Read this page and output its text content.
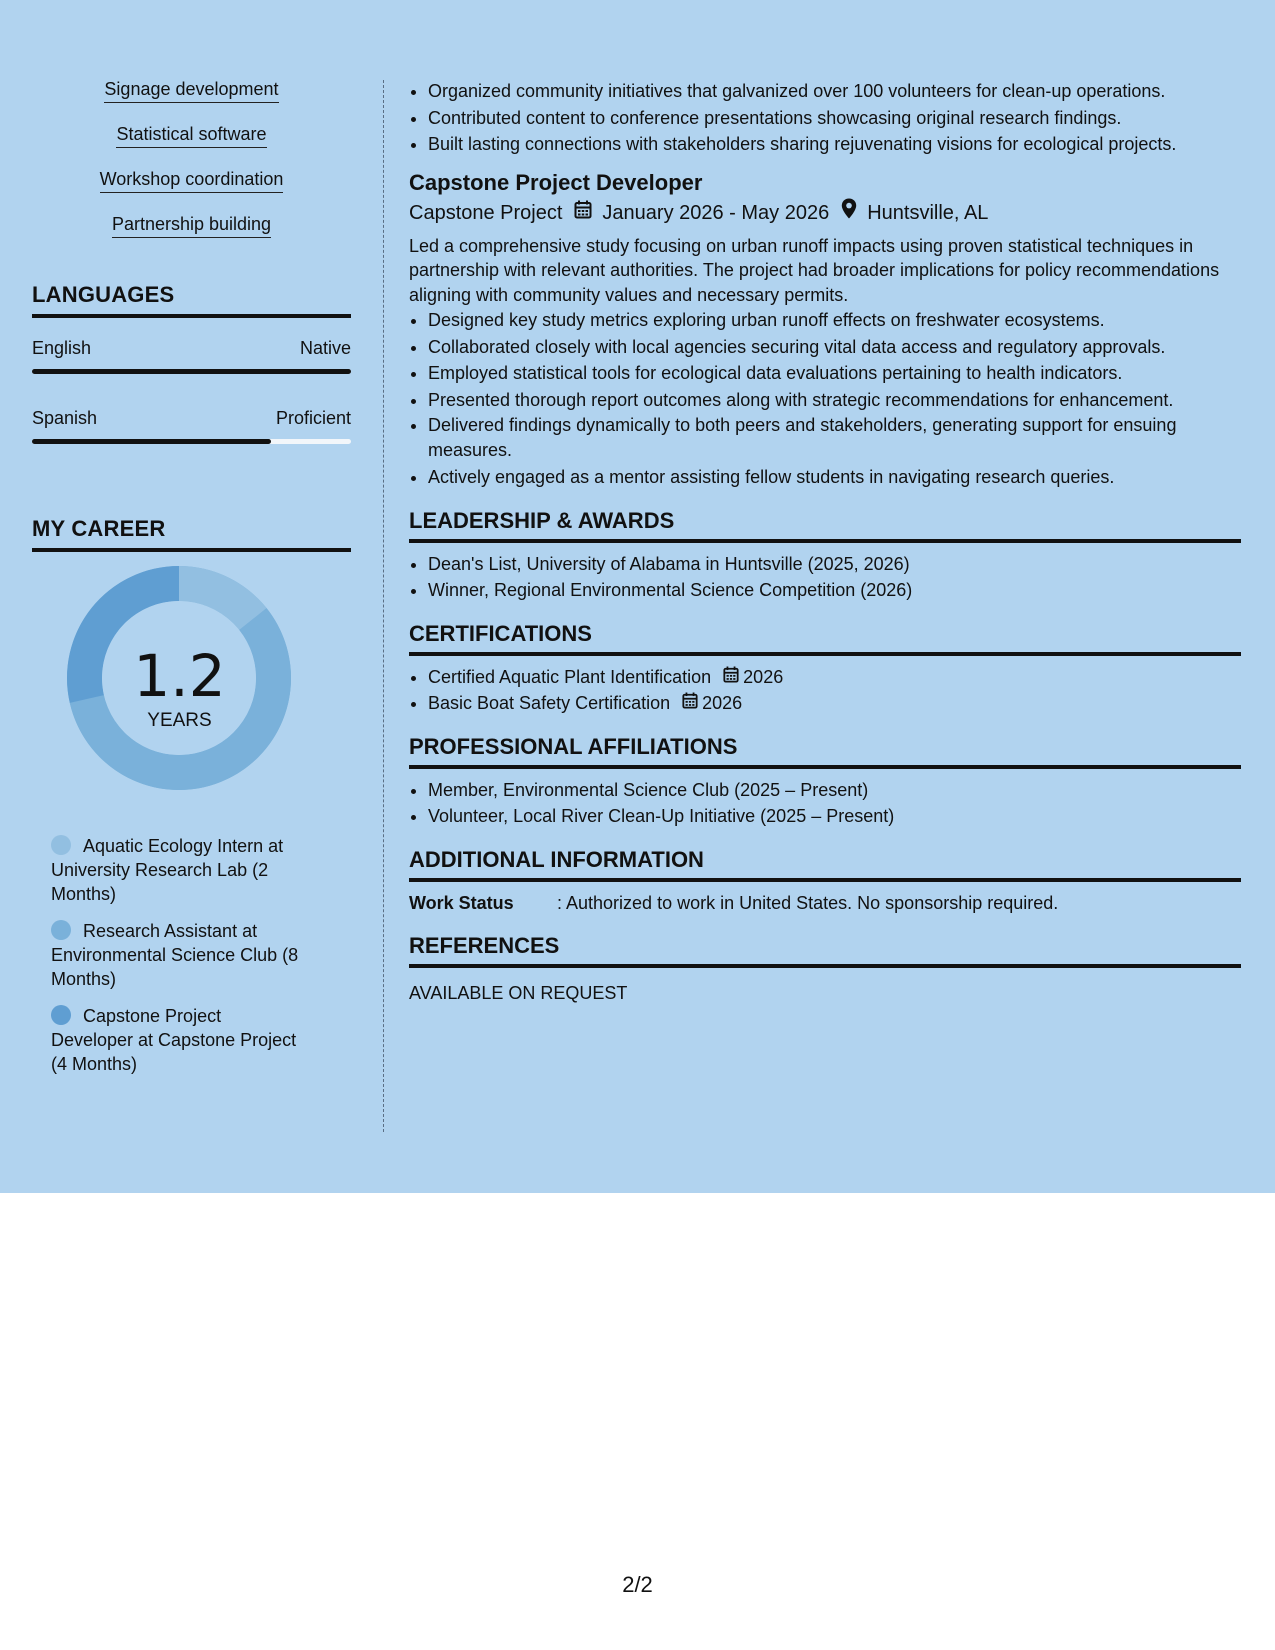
Signage development
Statistical software
Workshop coordination
Partnership building
LANGUAGES
English	Native
Spanish	Proficient
MY CAREER
1.2
YEARS
Aquatic Ecology Intern at University Research Lab (2 Months)
Research Assistant at Environmental Science Club (8 Months)
Capstone Project Developer at Capstone Project (4 Months)
• Organized community initiatives that galvanized over 100 volunteers for clean-up operations.
• Contributed content to conference presentations showcasing original research findings.
• Built lasting connections with stakeholders sharing rejuvenating visions for ecological projects.
Capstone Project Developer
Capstone Project January 2026 - May 2026 Huntsville, AL

Led a comprehensive study focusing on urban runoff impacts using proven statistical techniques in partnership with relevant authorities. The project had broader implications for policy recommendations aligning with community values and necessary permits.

• Designed key study metrics exploring urban runoff effects on freshwater ecosystems.
• Collaborated closely with local agencies securing vital data access and regulatory approvals.
• Employed statistical tools for ecological data evaluations pertaining to health indicators.
• Presented thorough report outcomes along with strategic recommendations for enhancement.
• Delivered findings dynamically to both peers and stakeholders, generating support for ensuing measures.
• Actively engaged as a mentor assisting fellow students in navigating research queries.
LEADERSHIP & AWARDS
• Dean's List, University of Alabama in Huntsville (2025, 2026)
• Winner, Regional Environmental Science Competition (2026)
CERTIFICATIONS
• Certified Aquatic Plant Identification 2026
• Basic Boat Safety Certification 2026
PROFESSIONAL AFFILIATIONS
• Member, Environmental Science Club (2025 – Present)
• Volunteer, Local River Clean-Up Initiative (2025 – Present)
ADDITIONAL INFORMATION
Work Status	: Authorized to work in United States. No sponsorship required.
REFERENCES
AVAILABLE ON REQUEST
2/2
